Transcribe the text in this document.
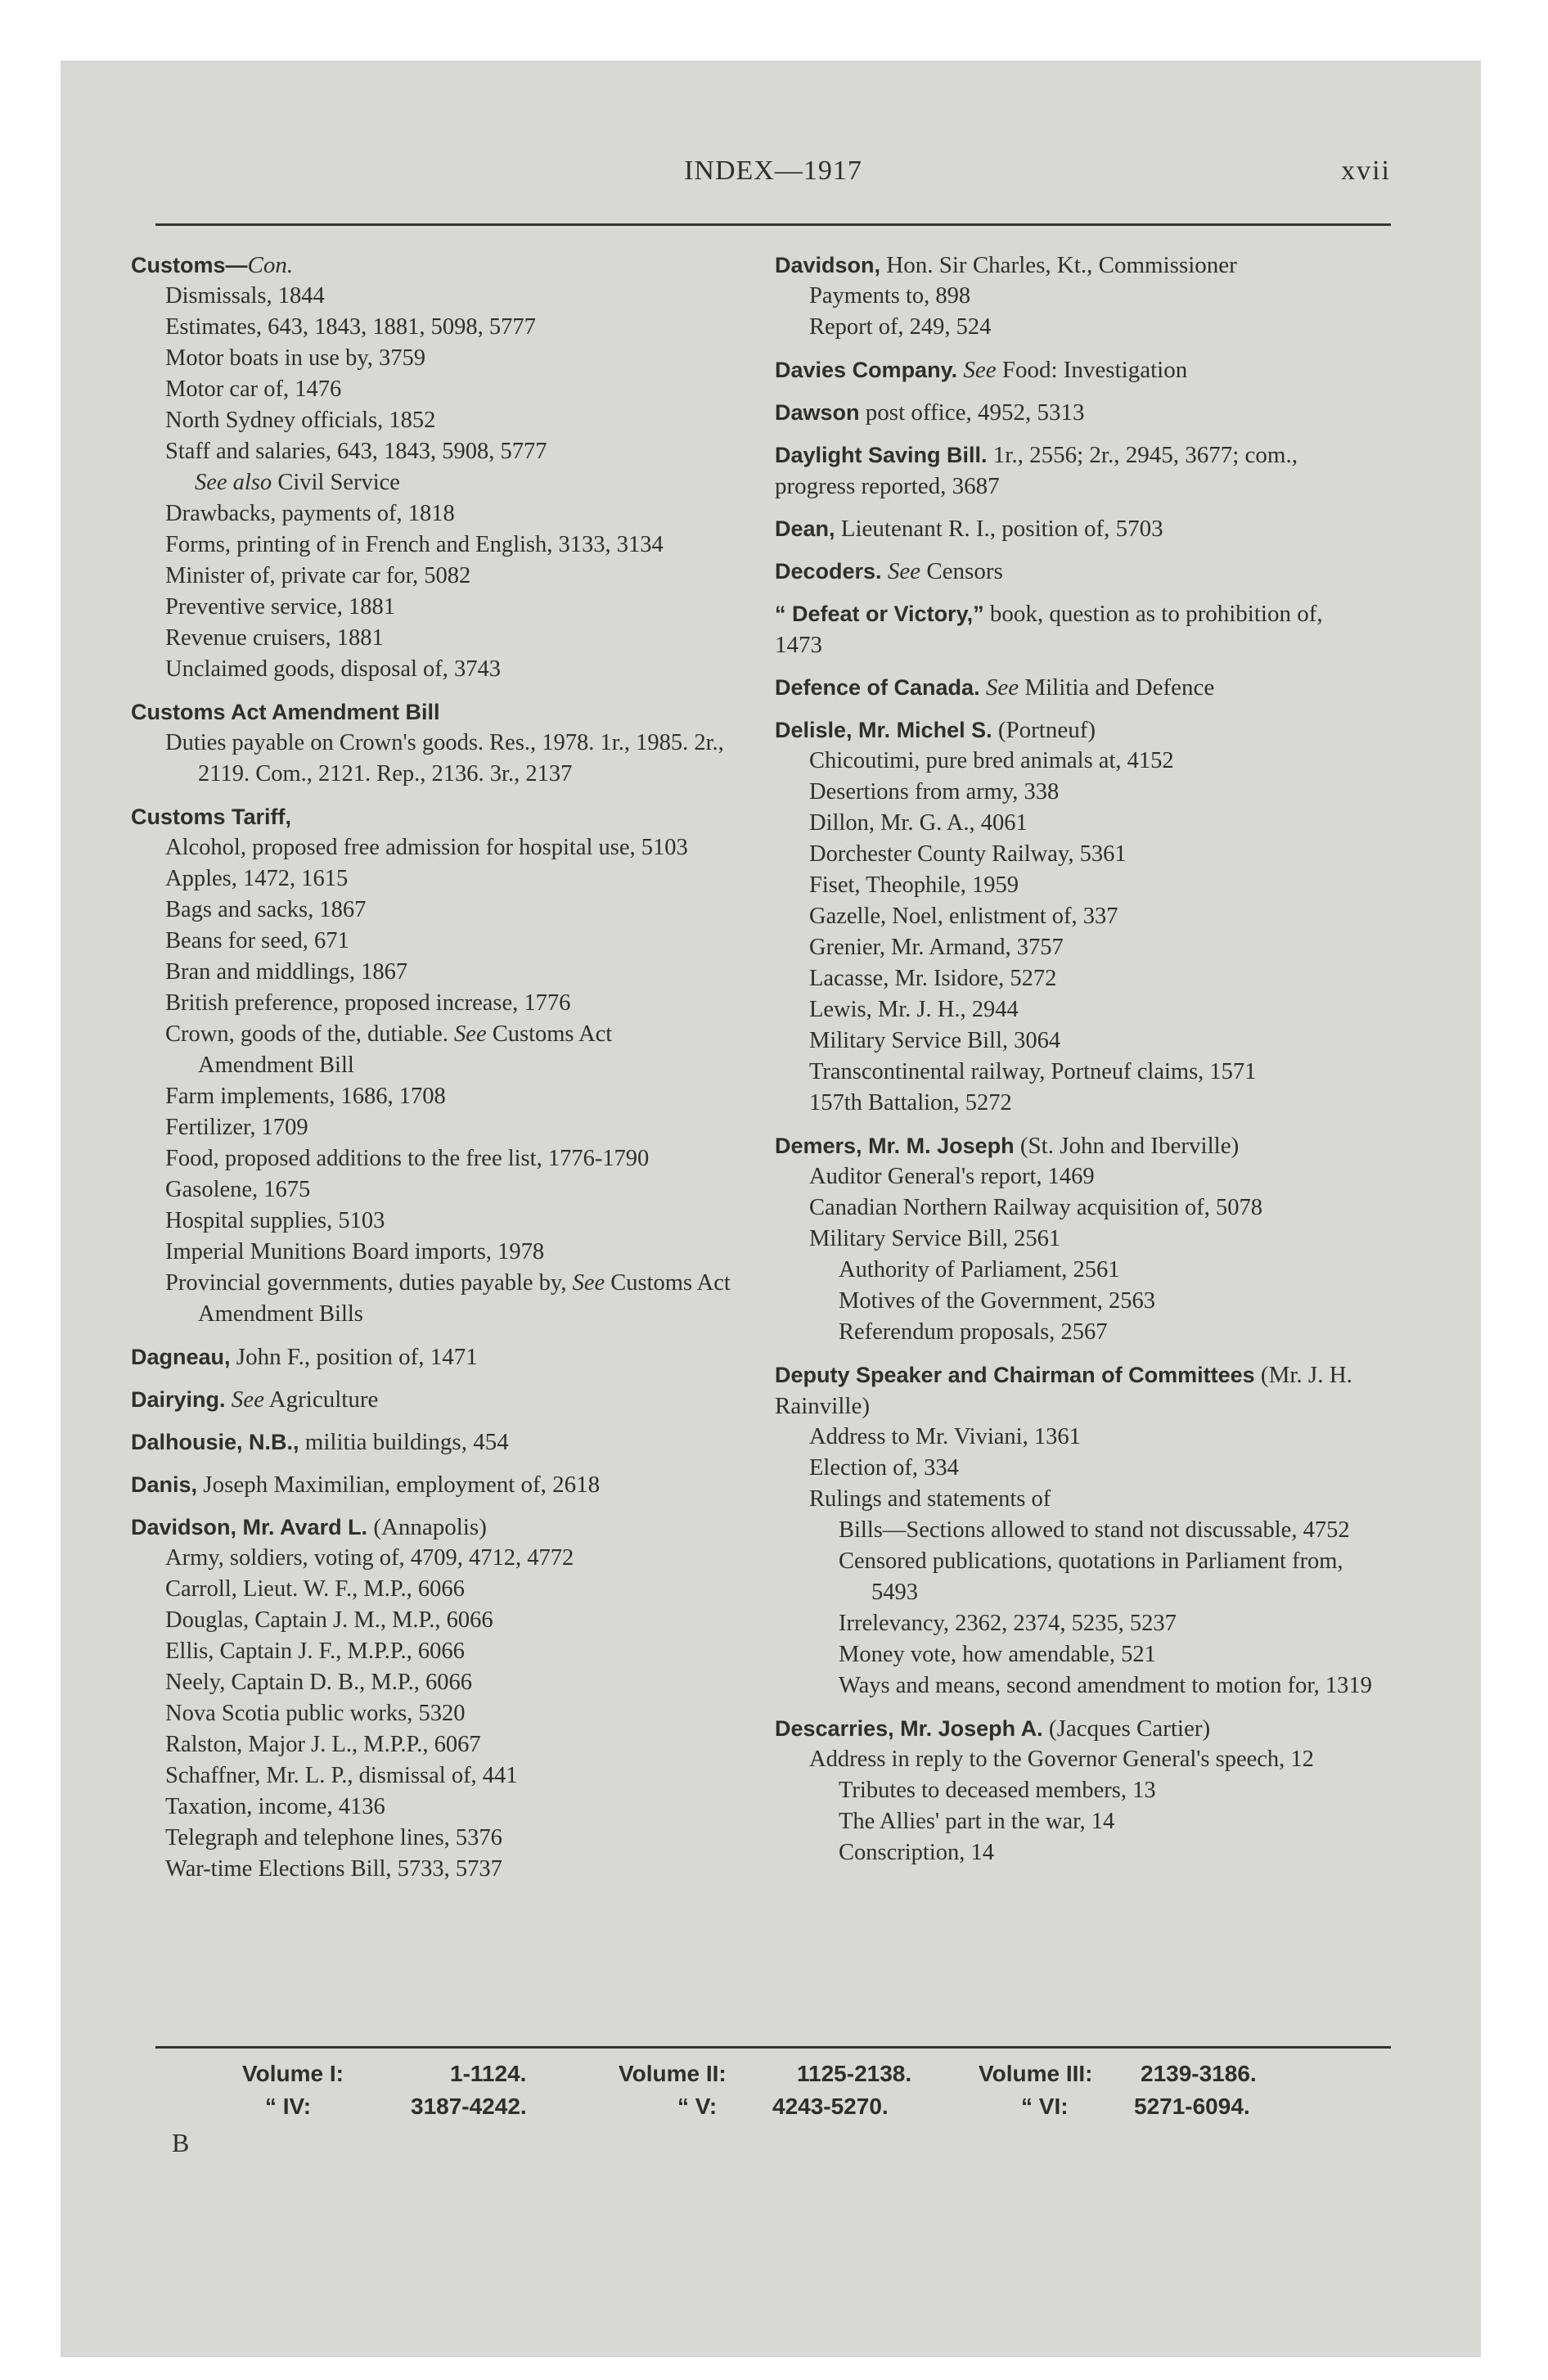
INDEX—1917	xvii
Customs—Con.
Dismissals, 1844
Estimates, 643, 1843, 1881, 5098, 5777
Motor boats in use by, 3759
Motor car of, 1476
North Sydney officials, 1852
Staff and salaries, 643, 1843, 5908, 5777
See also Civil Service
Drawbacks, payments of, 1818
Forms, printing of in French and English, 3133, 3134
Minister of, private car for, 5082
Preventive service, 1881
Revenue cruisers, 1881
Unclaimed goods, disposal of, 3743
Customs Act Amendment Bill
Duties payable on Crown's goods. Res., 1978. 1r., 1985. 2r., 2119. Com., 2121. Rep., 2136. 3r., 2137
Customs Tariff,
Alcohol, proposed free admission for hospital use, 5103
Apples, 1472, 1615
Bags and sacks, 1867
Beans for seed, 671
Bran and middlings, 1867
British preference, proposed increase, 1776
Crown, goods of the, dutiable. See Customs Act Amendment Bill
Farm implements, 1686, 1708
Fertilizer, 1709
Food, proposed additions to the free list, 1776-1790
Gasolene, 1675
Hospital supplies, 5103
Imperial Munitions Board imports, 1978
Provincial governments, duties payable by, See Customs Act Amendment Bills
Dagneau, John F., position of, 1471
Dairying. See Agriculture
Dalhousie, N.B., militia buildings, 454
Danis, Joseph Maximilian, employment of, 2618
Davidson, Mr. Avard L. (Annapolis)
Army, soldiers, voting of, 4709, 4712, 4772
Carroll, Lieut. W. F., M.P., 6066
Douglas, Captain J. M., M.P., 6066
Ellis, Captain J. F., M.P.P., 6066
Neely, Captain D. B., M.P., 6066
Nova Scotia public works, 5320
Ralston, Major J. L., M.P.P., 6067
Schaffner, Mr. L. P., dismissal of, 441
Taxation, income, 4136
Telegraph and telephone lines, 5376
War-time Elections Bill, 5733, 5737
Davidson, Hon. Sir Charles, Kt., Commissioner
Payments to, 898
Report of, 249, 524
Davies Company. See Food: Investigation
Dawson post office, 4952, 5313
Daylight Saving Bill. 1r., 2556; 2r., 2945, 3677; com., progress reported, 3687
Dean, Lieutenant R. I., position of, 5703
Decoders. See Censors
“ Defeat or Victory,” book, question as to prohibition of, 1473
Defence of Canada. See Militia and Defence
Delisle, Mr. Michel S. (Portneuf)
Chicoutimi, pure bred animals at, 4152
Desertions from army, 338
Dillon, Mr. G. A., 4061
Dorchester County Railway, 5361
Fiset, Theophile, 1959
Gazelle, Noel, enlistment of, 337
Grenier, Mr. Armand, 3757
Lacasse, Mr. Isidore, 5272
Lewis, Mr. J. H., 2944
Military Service Bill, 3064
Transcontinental railway, Portneuf claims, 1571
157th Battalion, 5272
Demers, Mr. M. Joseph (St. John and Iberville)
Auditor General's report, 1469
Canadian Northern Railway acquisition of, 5078
Military Service Bill, 2561
Authority of Parliament, 2561
Motives of the Government, 2563
Referendum proposals, 2567
Deputy Speaker and Chairman of Committees (Mr. J. H. Rainville)
Address to Mr. Viviani, 1361
Election of, 334
Rulings and statements of
Bills—Sections allowed to stand not discussable, 4752
Censored publications, quotations in Parliament from, 5493
Irrelevancy, 2362, 2374, 5235, 5237
Money vote, how amendable, 521
Ways and means, second amendment to motion for, 1319
Descarries, Mr. Joseph A. (Jacques Cartier)
Address in reply to the Governor General's speech, 12
Tributes to deceased members, 13
The Allies' part in the war, 14
Conscription, 14
Volume I:	1-1124.	Volume II:	1125-2138.	Volume III: 2139-3186.
“ IV:	3187-4242.	“ V: 4243-5270.	“ VI:	5271-6094.
B
